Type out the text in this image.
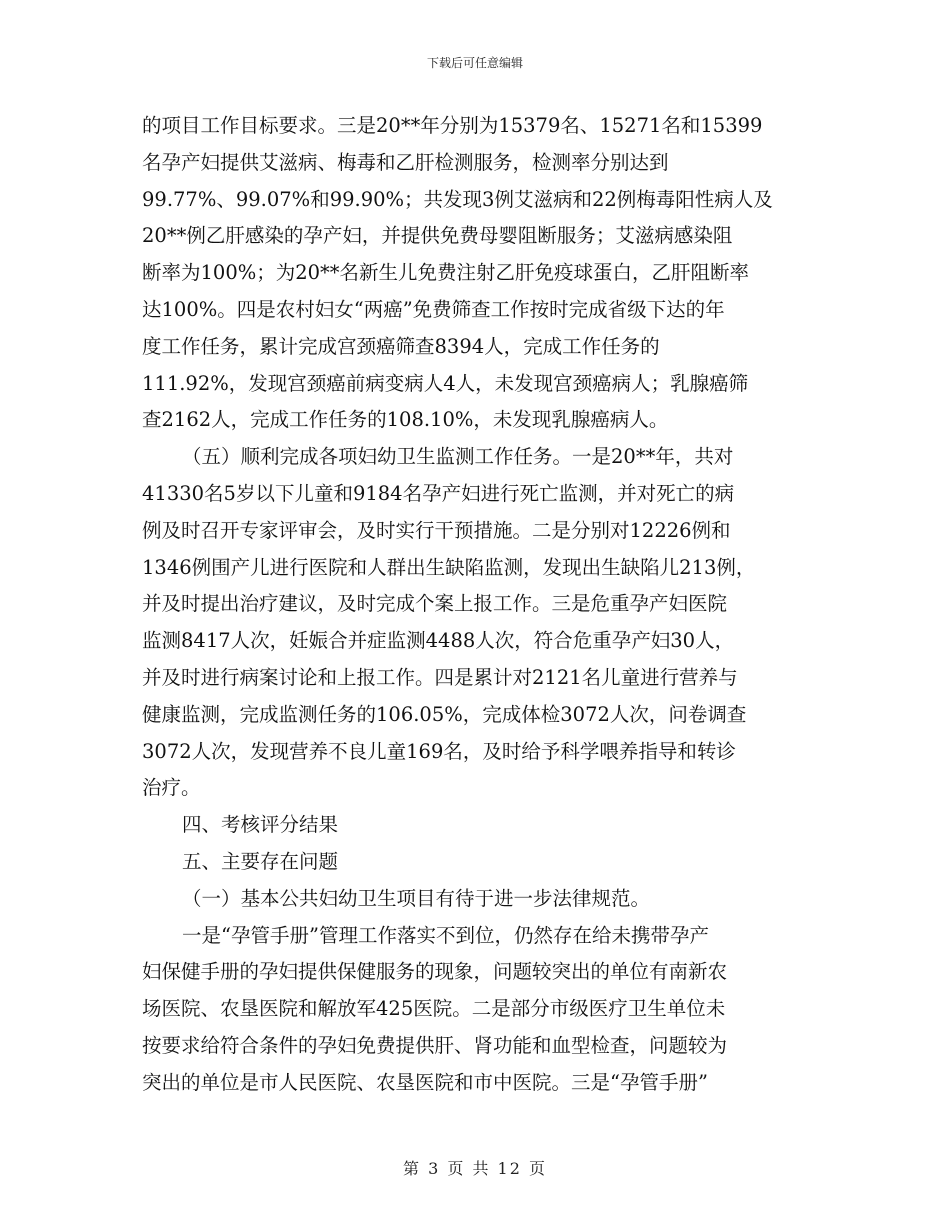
下载后可任意编辑
的项目工作目标要求。三是20**年分别为15379名、15271名和15399
名孕产妇提供艾滋病、梅毒和乙肝检测服务，检测率分别达到
99.77%、99.07%和99.90%；共发现3例艾滋病和22例梅毒阳性病人及
20**例乙肝感染的孕产妇，并提供免费母婴阻断服务；艾滋病感染阻
断率为100%；为20**名新生儿免费注射乙肝免疫球蛋白，乙肝阻断率
达100%。四是农村妇女“两癌”免费筛查工作按时完成省级下达的年
度工作任务，累计完成宫颈癌筛查8394人，完成工作任务的
111.92%，发现宫颈癌前病变病人4人，未发现宫颈癌病人；乳腺癌筛
查2162人，完成工作任务的108.10%，未发现乳腺癌病人。
（五）顺利完成各项妇幼卫生监测工作任务。一是20**年，共对
41330名5岁以下儿童和9184名孕产妇进行死亡监测，并对死亡的病
例及时召开专家评审会，及时实行干预措施。二是分别对12226例和
1346例围产儿进行医院和人群出生缺陷监测，发现出生缺陷儿213例，
并及时提出治疗建议，及时完成个案上报工作。三是危重孕产妇医院
监测8417人次，妊娠合并症监测4488人次，符合危重孕产妇30人，
并及时进行病案讨论和上报工作。四是累计对2121名儿童进行营养与
健康监测，完成监测任务的106.05%，完成体检3072人次，问卷调查
3072人次，发现营养不良儿童169名，及时给予科学喂养指导和转诊
治疗。
四、考核评分结果
五、主要存在问题
（一）基本公共妇幼卫生项目有待于进一步法律规范。
一是“孕管手册”管理工作落实不到位，仍然存在给未携带孕产
妇保健手册的孕妇提供保健服务的现象，问题较突出的单位有南新农
场医院、农垦医院和解放军425医院。二是部分市级医疗卫生单位未
按要求给符合条件的孕妇免费提供肝、肾功能和血型检查，问题较为
突出的单位是市人民医院、农垦医院和市中医院。三是“孕管手册”
第 3 页 共 12 页
